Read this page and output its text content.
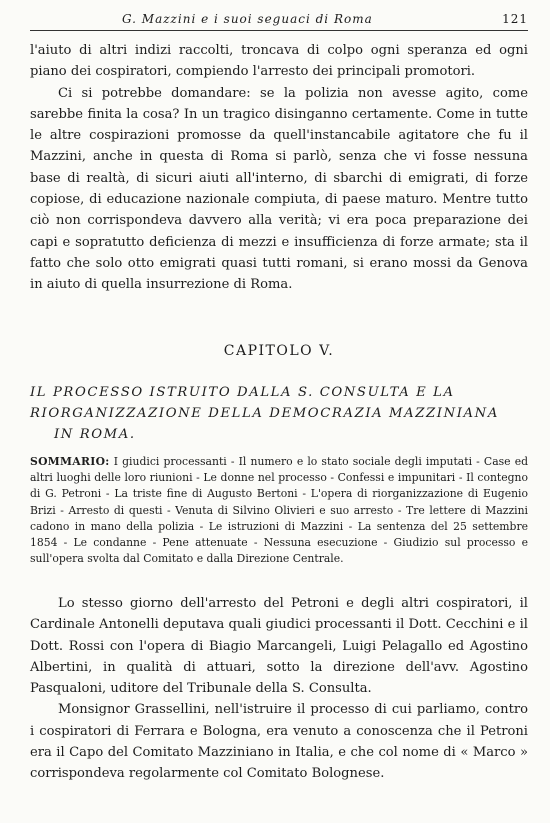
G. Mazzini e i suoi seguaci di Roma	121

l'aiuto di altri indizi raccolti, troncava di colpo ogni speranza ed ogni piano dei cospiratori, compiendo l'arresto dei principali promotori.

Ci si potrebbe domandare: se la polizia non avesse agito, come sarebbe finita la cosa? In un tragico disinganno certamente. Come in tutte le altre cospirazioni promosse da quell'instancabile agitatore che fu il Mazzini, anche in questa di Roma si parlò, senza che vi fosse nessuna base di realtà, di sicuri aiuti all'interno, di sbarchi di emigrati, di forze copiose, di educazione nazionale compiuta, di paese maturo. Mentre tutto ciò non corrispondeva davvero alla verità; vi era poca preparazione dei capi e sopratutto deficienza di mezzi e insufficienza di forze armate; sta il fatto che solo otto emigrati quasi tutti romani, si erano mossi da Genova in aiuto di quella insurrezione di Roma.

CAPITOLO V.
IL PROCESSO ISTRUITO DALLA S. CONSULTA E LA RIORGANIZZAZIONE DELLA DEMOCRAZIA MAZZINIANA
IN ROMA.
SOMMARIO: I giudici processanti - Il numero e lo stato sociale degli imputati - Case ed altri luoghi delle loro riunioni - Le donne nel processo - Confessi e impunitari - Il contegno di G. Petroni - La triste fine di Augusto Bertoni - L'opera di riorganizzazione di Eugenio Brizi - Arresto di questi - Venuta di Silvino Olivieri e suo arresto - Tre lettere di Mazzini cadono in mano della polizia - Le istruzioni di Mazzini - La sentenza del 25 settembre 1854 - Le condanne - Pene attenuate - Nessuna esecuzione - Giudizio sul processo e sull'opera svolta dal Comitato e dalla Direzione Centrale.

Lo stesso giorno dell'arresto del Petroni e degli altri cospiratori, il Cardinale Antonelli deputava quali giudici processanti il Dott. Cecchini e il Dott. Rossi con l'opera di Biagio Marcangeli, Luigi Pelagallo ed Agostino Albertini, in qualità di attuari, sotto la direzione dell'avv. Agostino Pasqualoni, uditore del Tribunale della S. Consulta.

Monsignor Grassellini, nell'istruire il processo di cui parliamo, contro i cospiratori di Ferrara e Bologna, era venuto a conoscenza che il Petroni era il Capo del Comitato Mazziniano in Italia, e che col nome di « Marco » corrispondeva regolarmente col Comitato Bolognese.
